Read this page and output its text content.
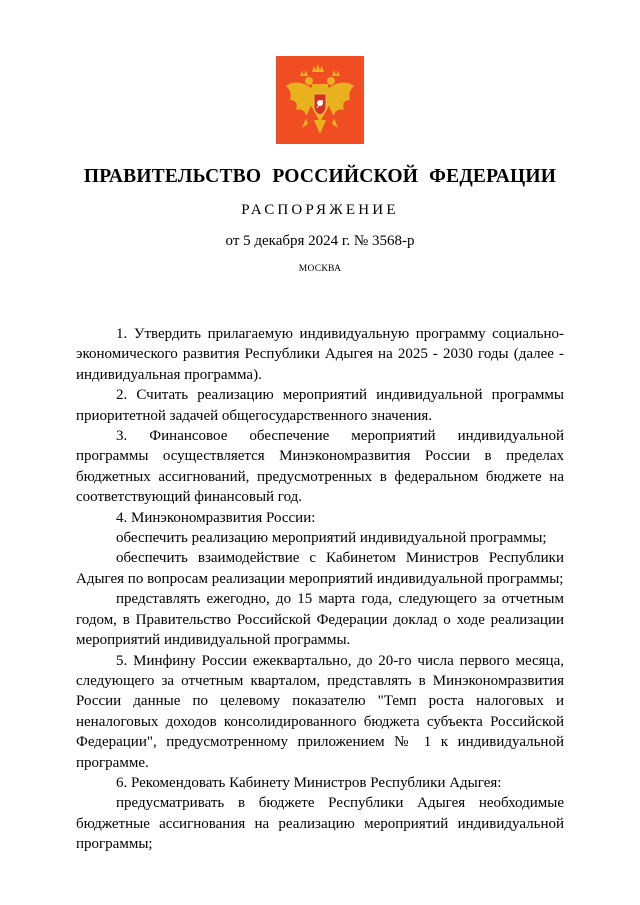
ПРАВИТЕЛЬСТВО РОССИЙСКОЙ ФЕДЕРАЦИИ
РАСПОРЯЖЕНИЕ
от 5 декабря 2024 г. № 3568-р
МОСКВА

1. Утвердить прилагаемую индивидуальную программу социально-экономического развития Республики Адыгея на 2025 - 2030 годы (далее - индивидуальная программа).

2. Считать реализацию мероприятий индивидуальной программы приоритетной задачей общегосударственного значения.

3. Финансовое обеспечение мероприятий индивидуальной программы осуществляется Минэкономразвития России в пределах бюджетных ассигнований, предусмотренных в федеральном бюджете на соответствующий финансовый год.

4. Минэкономразвития России:

обеспечить реализацию мероприятий индивидуальной программы;

обеспечить взаимодействие с Кабинетом Министров Республики Адыгея по вопросам реализации мероприятий индивидуальной программы;

представлять ежегодно, до 15 марта года, следующего за отчетным годом, в Правительство Российской Федерации доклад о ходе реализации мероприятий индивидуальной программы.

5. Минфину России ежеквартально, до 20-го числа первого месяца, следующего за отчетным кварталом, представлять в Минэкономразвития России данные по целевому показателю "Темп роста налоговых и неналоговых доходов консолидированного бюджета субъекта Российской Федерации", предусмотренному приложением № 1 к индивидуальной программе.

6. Рекомендовать Кабинету Министров Республики Адыгея:

предусматривать в бюджете Республики Адыгея необходимые бюджетные ассигнования на реализацию мероприятий индивидуальной программы;
